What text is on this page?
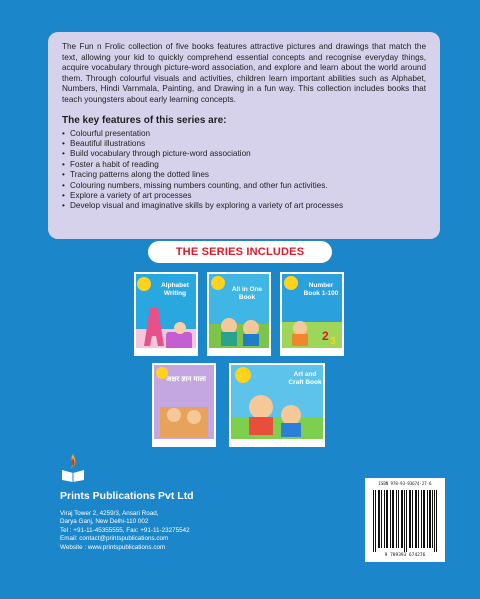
The Fun n Frolic collection of five books features attractive pictures and drawings that match the text, allowing your kid to quickly comprehend essential concepts and recognise everyday things, acquire vocabulary through picture-word association, and explore and learn about the world around them. Through colourful visuals and activities, children learn important abilities such as Alphabet, Numbers, Hindi Varnmala, Painting, and Drawing in a fun way. This collection includes books that teach youngsters about early learning concepts.

The key features of this series are:
• Colourful presentation
• Beautiful illustrations
• Build vocabulary through picture-word association
• Foster a habit of reading
• Tracing patterns along the dotted lines
• Colouring numbers, missing numbers counting, and other fun activities.
• Explore a variety of art processes
• Develop visual and imaginative skills by exploring a variety of art processes
THE SERIES INCLUDES
Alphabet Writing	All in One Book
2 3
Number Book 1-100
अक्षर ज्ञान माला
Art and Craft Book
Prints Publications Pvt Ltd
Viraj Tower 2, 4259/3, Ansari Road,
Darya Ganj, New Delhi-110 002
Tel : +91-11-45355555, Fax: +91-11-23275542
Email: contact@printspublications.com
Website : www.printspublications.com
ISBN 978-93-93674-27-6
9 789393 674276
